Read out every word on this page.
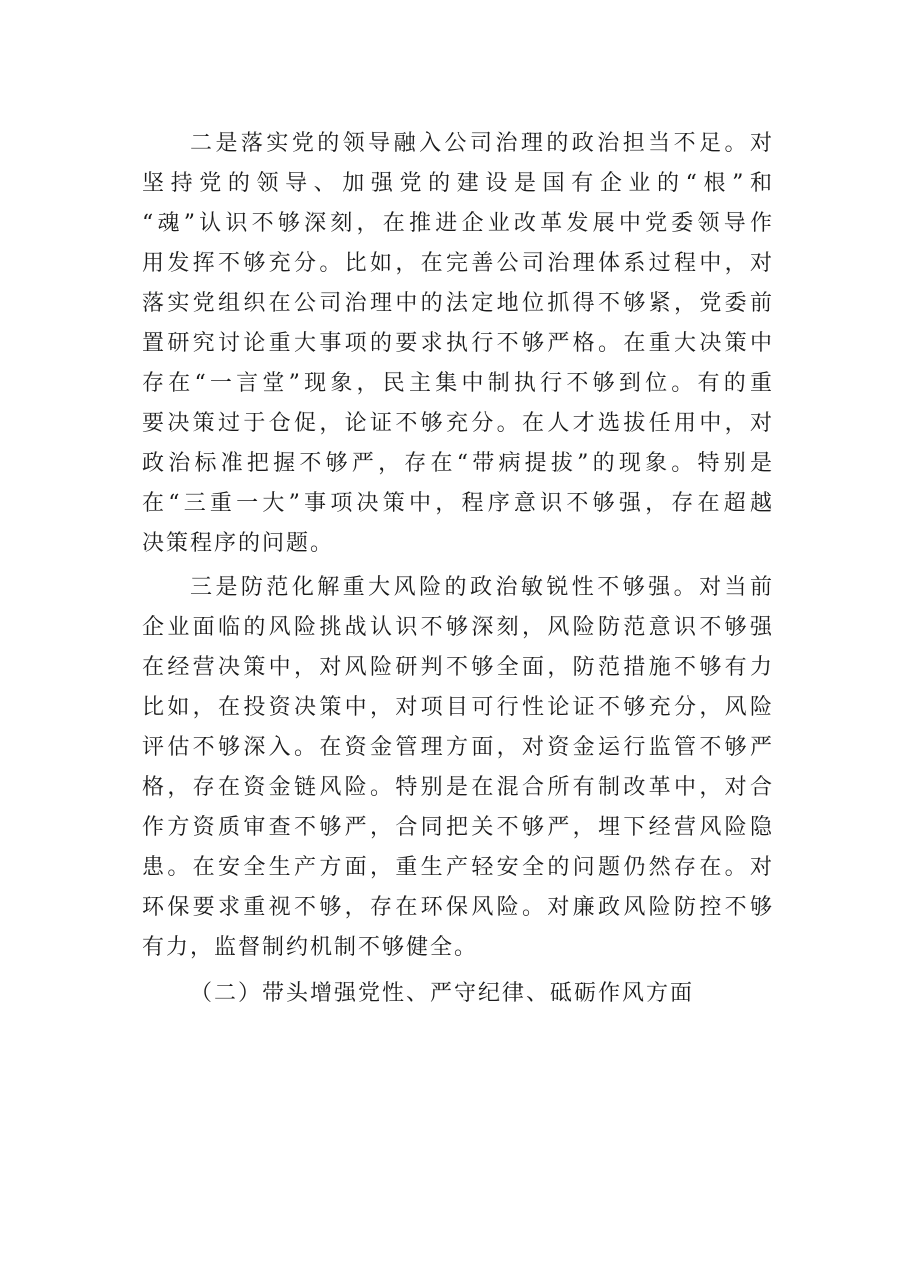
二是落实党的领导融入公司治理的政治担当不足。对
坚持党的领导、加强党的建设是国有企业的“根”和
“魂”认识不够深刻，在推进企业改革发展中党委领导作
用发挥不够充分。比如，在完善公司治理体系过程中，对
落实党组织在公司治理中的法定地位抓得不够紧，党委前
置研究讨论重大事项的要求执行不够严格。在重大决策中
存在“一言堂”现象，民主集中制执行不够到位。有的重
要决策过于仓促，论证不够充分。在人才选拔任用中，对
政治标准把握不够严，存在“带病提拔”的现象。特别是
在“三重一大”事项决策中，程序意识不够强，存在超越
决策程序的问题。
三是防范化解重大风险的政治敏锐性不够强。对当前
企业面临的风险挑战认识不够深刻，风险防范意识不够强
在经营决策中，对风险研判不够全面，防范措施不够有力
比如，在投资决策中，对项目可行性论证不够充分，风险
评估不够深入。在资金管理方面，对资金运行监管不够严
格，存在资金链风险。特别是在混合所有制改革中，对合
作方资质审查不够严，合同把关不够严，埋下经营风险隐
患。在安全生产方面，重生产轻安全的问题仍然存在。对
环保要求重视不够，存在环保风险。对廉政风险防控不够
有力，监督制约机制不够健全。
（二）带头增强党性、严守纪律、砥砺作风方面
